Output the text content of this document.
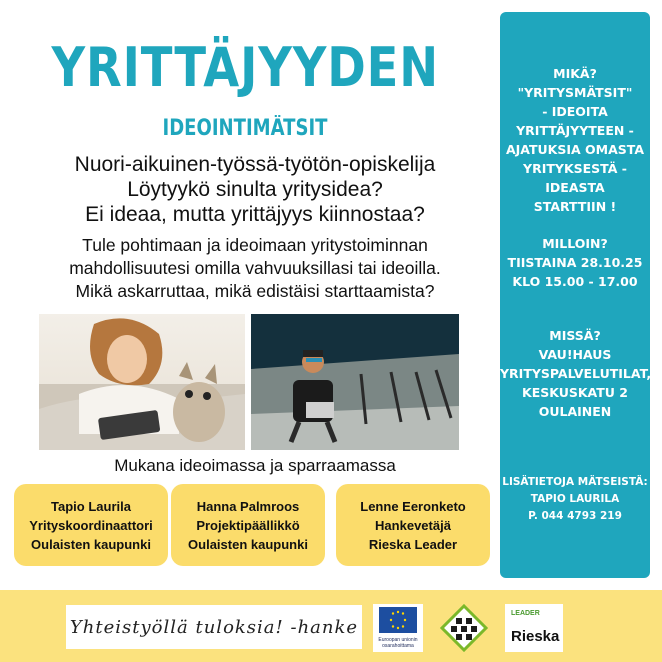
YRITTÄJYYDEN
IDEOINTIMÄTSIT
Nuori-aikuinen-työssä-työtön-opiskelija
Löytyykö sinulta yritysidea?
Ei ideaa, mutta yrittäjyys kiinnostaa?
Tule pohtimaan ja ideoimaan yritystoiminnan
mahdollisuutesi omilla vahvuuksillasi tai ideoilla.
Mikä askarruttaa, mikä edistäisi starttaamista?
Mukana ideoimassa ja sparraamassa
Tapio Laurila
Yrityskoordinaattori
Oulaisten kaupunki
Hanna Palmroos
Projektipäällikkö
Oulaisten kaupunki
Lenne Eeronketo
Hankevetäjä
Rieska Leader
MIKÄ?
"YRITYSMÄTSIT"
- IDEOITA
YRITTÄJYYTEEN -
AJATUKSIA OMASTA
YRITYKSESTÄ - IDEASTA
STARTTIIN !
MILLOIN?
TIISTAINA 28.10.25
KLO 15.00 - 17.00
MISSÄ?
VAU!HAUS
YRITYSPALVELUTILAT,
KESKUSKATU 2
OULAINEN
LISÄTIETOJA MÄTSEISTÄ:
TAPIO LAURILA
P. 044 4793 219
Yhteistyöllä tuloksia! -hanke
Euroopan unionin osarahoittama
LEADER
Rieska
